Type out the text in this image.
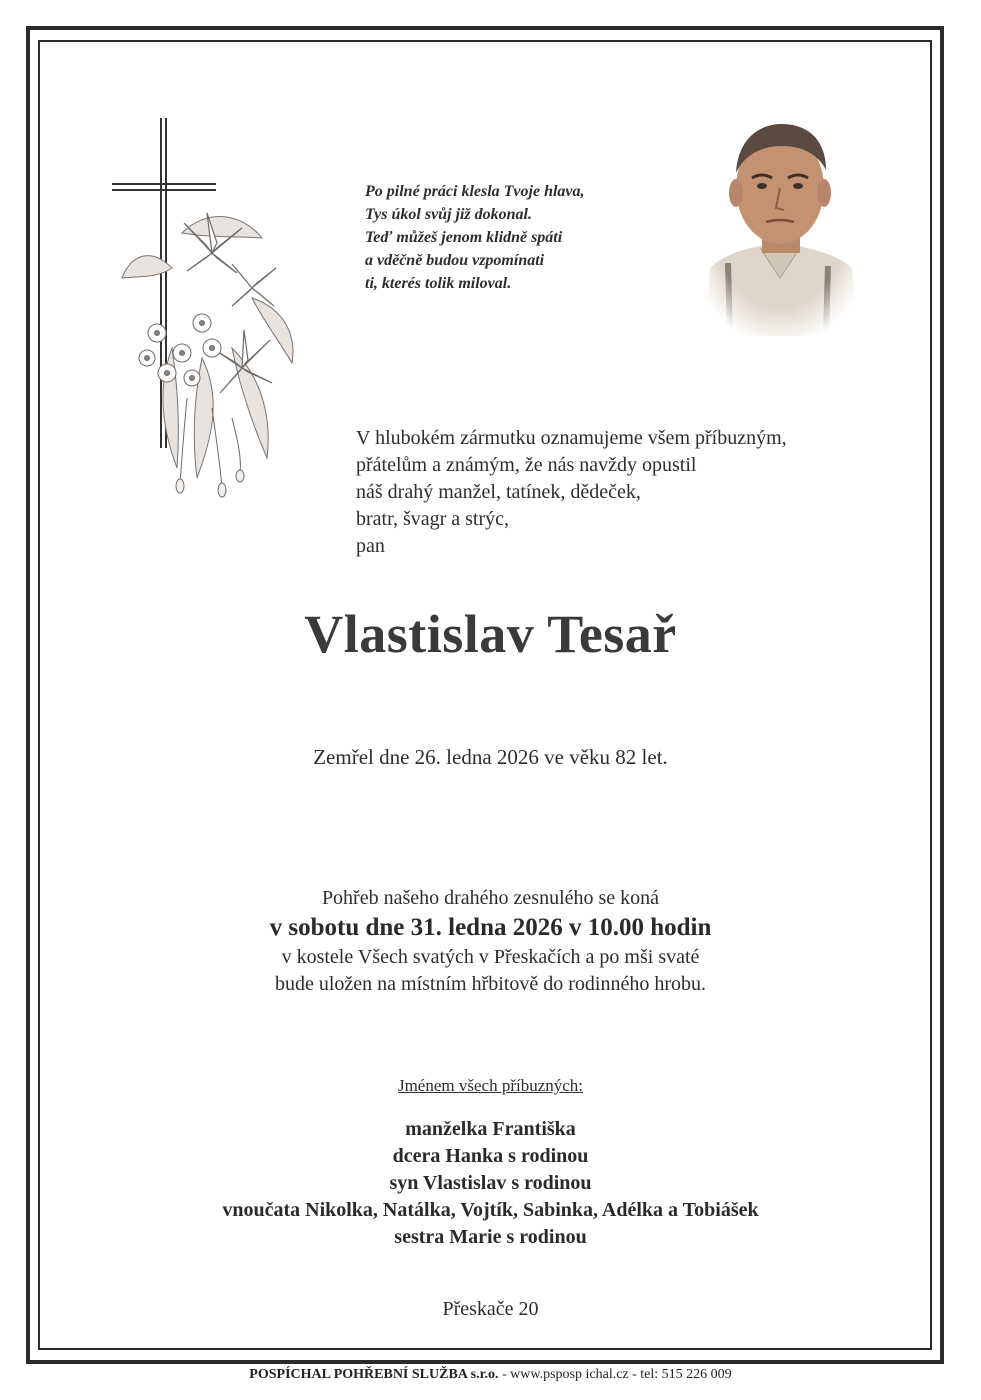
Po pilné práci klesla Tvoje hlava,
Tys úkol svůj již dokonal.
Teď můžeš jenom klidně spáti
a vděčně budou vzpomínati
ti, kterés tolik miloval.
V hlubokém zármutku oznamujeme všem příbuzným,
přátelům a známým, že nás navždy opustil
náš drahý manžel, tatínek, dědeček,
bratr, švagr a strýc,
pan
Vlastislav Tesař
Zemřel dne 26. ledna 2026 ve věku 82 let.
Pohřeb našeho drahého zesnulého se koná
v sobotu dne 31. ledna 2026 v 10.00 hodin
v kostele Všech svatých v Přeskačích a po mši svaté
bude uložen na místním hřbitově do rodinného hrobu.
Jménem všech příbuzných:
manželka Františka
dcera Hanka s rodinou
syn Vlastislav s rodinou
vnoučata Nikolka, Natálka, Vojtík, Sabinka, Adélka a Tobiášek
sestra Marie s rodinou
Přeskače 20
POSPÍCHAL POHŘEBNÍ SLUŽBA s.r.o. - www.psposp ichal.cz - tel: 515 226 009
